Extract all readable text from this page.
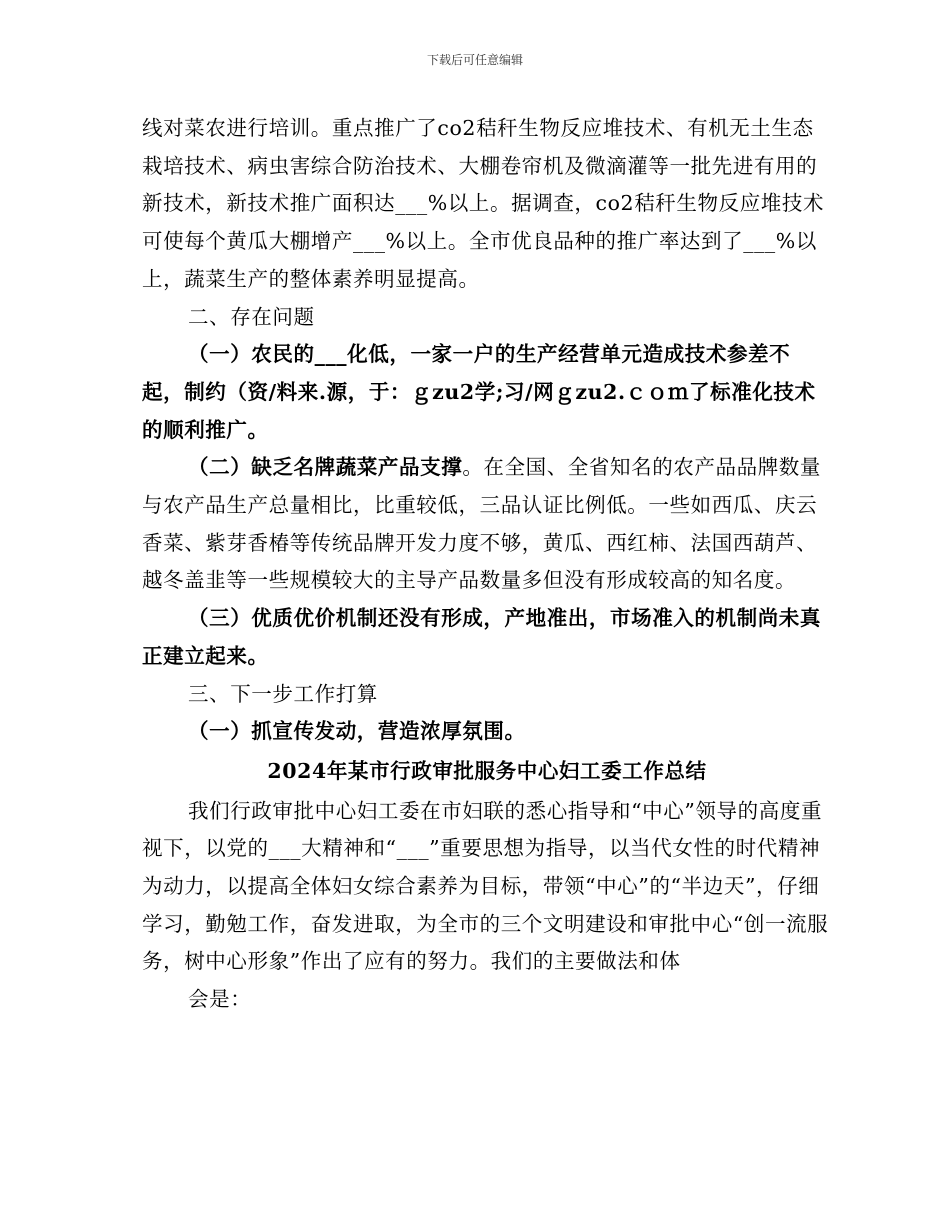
下载后可任意编辑

线对菜农进行培训。重点推广了co2秸秆生物反应堆技术、有机无土生态栽培技术、病虫害综合防治技术、大棚卷帘机及微滴灌等一批先进有用的新技术，新技术推广面积达___%以上。据调查，co2秸秆生物反应堆技术可使每个黄瓜大棚增产___%以上。全市优良品种的推广率达到了___%以上，蔬菜生产的整体素养明显提高。

二、存在问题

（一）农民的___化低，一家一户的生产经营单元造成技术参差不起，制约（资/料来.源，于：ｇzu2学;习/网ｇzu2.ｃｏｍ了标准化技术的顺利推广。

（二）缺乏名牌蔬菜产品支撑。在全国、全省知名的农产品品牌数量与农产品生产总量相比，比重较低，三品认证比例低。一些如西瓜、庆云香菜、紫芽香椿等传统品牌开发力度不够，黄瓜、西红柿、法国西葫芦、越冬盖韭等一些规模较大的主导产品数量多但没有形成较高的知名度。

（三）优质优价机制还没有形成，产地准出，市场准入的机制尚未真正建立起来。

三、下一步工作打算

（一）抓宣传发动，营造浓厚氛围。

2024年某市行政审批服务中心妇工委工作总结

我们行政审批中心妇工委在市妇联的悉心指导和“中心”领导的高度重视下，以党的___大精神和“___”重要思想为指导，以当代女性的时代精神为动力，以提高全体妇女综合素养为目标，带领“中心”的“半边天”，仔细学习，勤勉工作，奋发进取，为全市的三个文明建设和审批中心“创一流服务，树中心形象”作出了应有的努力。我们的主要做法和体

会是：
